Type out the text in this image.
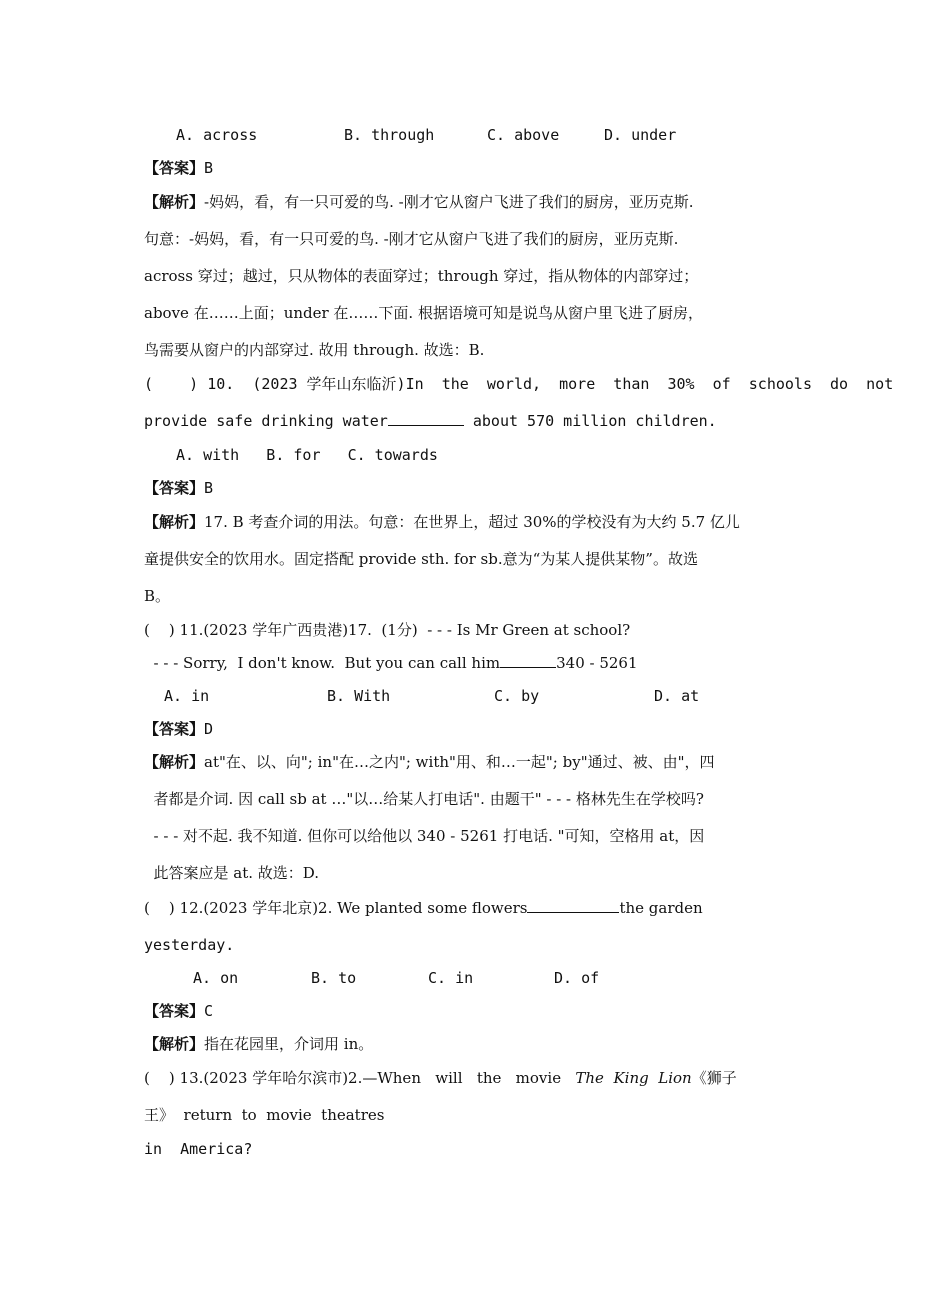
A. across	B. through	C. above	D. under
【答案】B
【解析】-妈妈，看，有一只可爱的鸟. -刚才它从窗户飞进了我们的厨房，亚历克斯.
句意：-妈妈，看，有一只可爱的鸟. -刚才它从窗户飞进了我们的厨房，亚历克斯.
across 穿过；越过，只从物体的表面穿过；through 穿过，指从物体的内部穿过；
above 在……上面；under 在……下面. 根据语境可知是说鸟从窗户里飞进了厨房，
鸟需要从窗户的内部穿过. 故用 through. 故选：B.
(    ) 10.  (2023 学年山东临沂)In  the  world,  more  than  30%  of  schools  do  not
provide safe drinking water	about 570 million children.
A. with   B. for   C. towards
【答案】B
【解析】17. B 考查介词的用法。句意：在世界上，超过 30%的学校没有为大约 5.7 亿儿
童提供安全的饮用水。固定搭配 provide sth. for sb.意为“为某人提供某物”。故选
B。
(    ) 11.(2023 学年广西贵港)17.  (1分)  - - - Is Mr Green at school?
- - - Sorry,  I don't know.  But you can call him	340 - 5261
A. in	B. With	C. by	D. at
【答案】D
【解析】at"在、以、向"; in"在…之内"; with"用、和…一起"; by"通过、被、由"，四
者都是介词. 因 call sb at …"以…给某人打电话". 由题干" - - - 格林先生在学校吗?
- - - 对不起. 我不知道. 但你可以给他以 340 - 5261 打电话. "可知，空格用 at，因
此答案应是 at. 故选：D.
(    ) 12.(2023 学年北京)2. We planted some flowers	the garden
yesterday.
A. on	B. to	C. in	D. of
【答案】C
【解析】指在花园里，介词用 in。
(    ) 13.(2023 学年哈尔滨市)2.—When   will   the   movie   The  King  Lion《狮子
王》  return  to  movie  theatres
in  America?
